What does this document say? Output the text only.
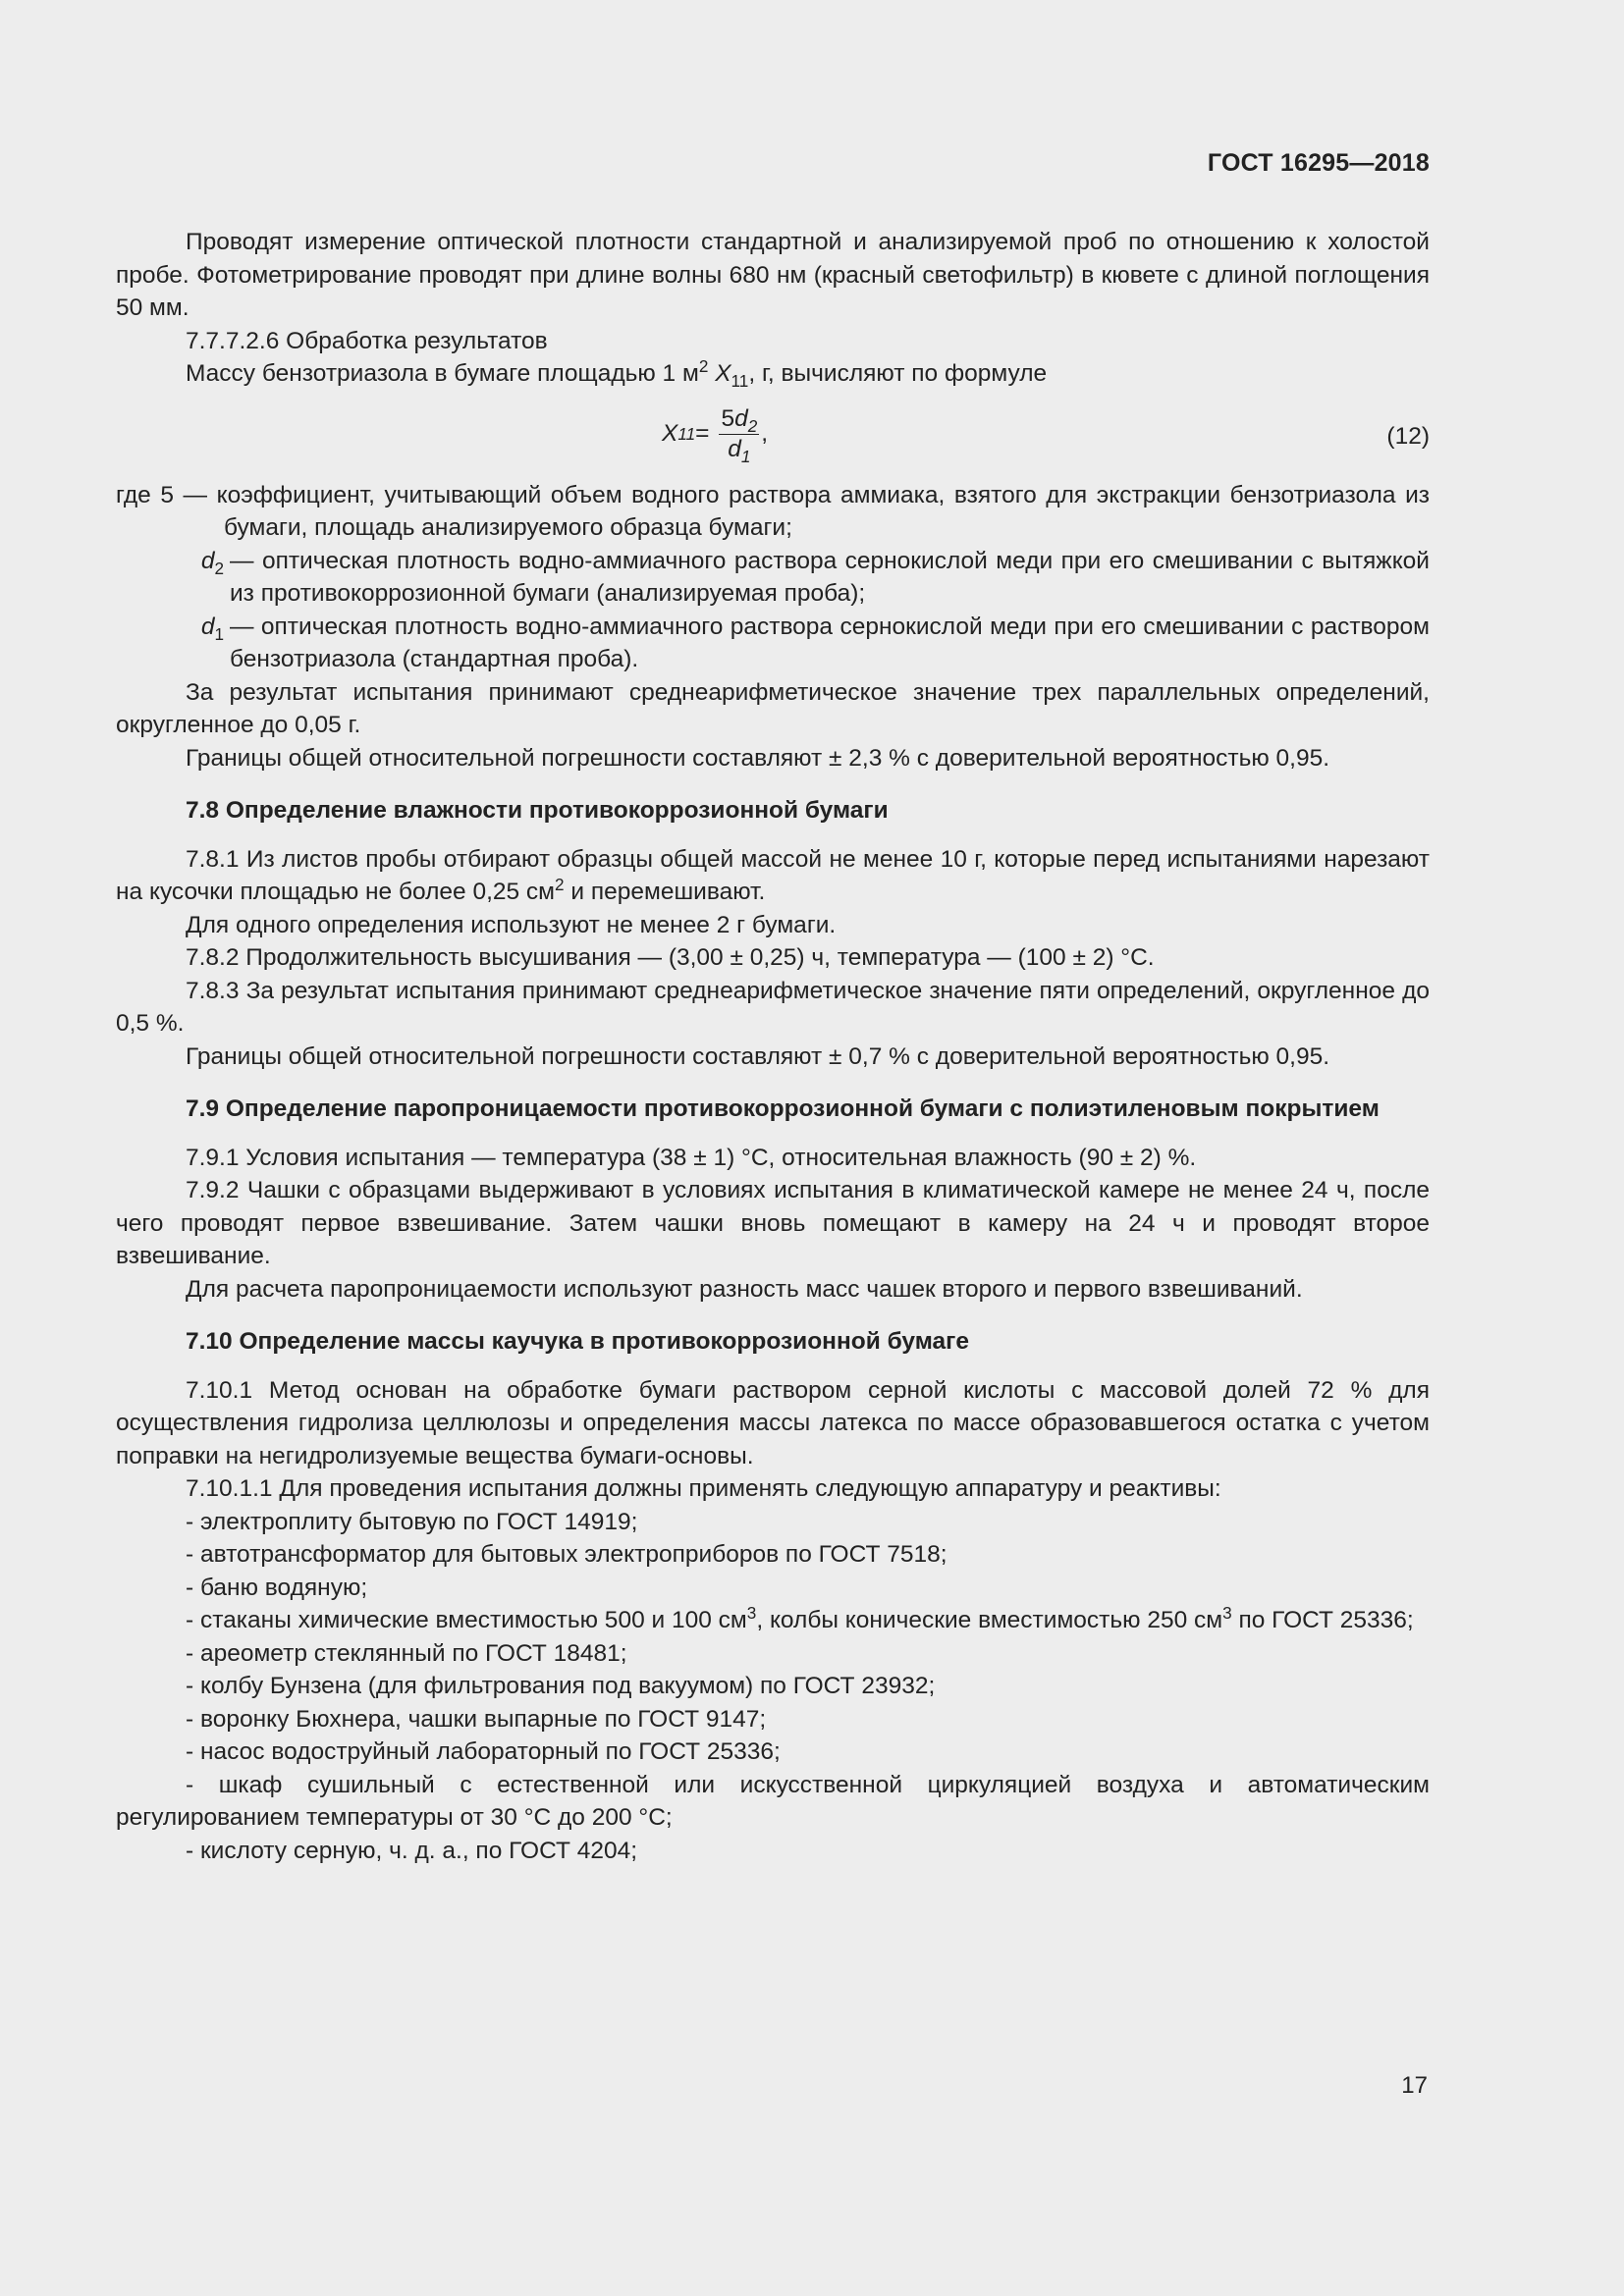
ГОСТ 16295—2018

Проводят измерение оптической плотности стандартной и анализируемой проб по отношению к холостой пробе. Фотометрирование проводят при длине волны 680 нм (красный светофильтр) в кювете с длиной поглощения 50 мм.

7.7.7.2.6 Обработка результатов

Массу бензотриазола в бумаге площадью 1 $м^2$ $X_{11}$, г, вычисляют по формуле

X $11 = \frac{5d_2}{d_1}$ ,	(12)

где 5 — коэффициент, учитывающий объем водного раствора аммиака, взятого для экстракции бензотриазола из бумаги, площадь анализируемого образца бумаги;

$d_2$ — оптическая плотность водно-аммиачного раствора сернокислой меди при его смешивании с вытяжкой из противокоррозионной бумаги (анализируемая проба);

$d_1$ — оптическая плотность водно-аммиачного раствора сернокислой меди при его смешивании с раствором бензотриазола (стандартная проба).

За результат испытания принимают среднеарифметическое значение трех параллельных определений, округленное до 0,05 г.

Границы общей относительной погрешности составляют ± 2,3 % с доверительной вероятностью 0,95.

7.8 Определение влажности противокоррозионной бумаги

7.8.1 Из листов пробы отбирают образцы общей массой не менее 10 г, которые перед испытаниями нарезают на кусочки площадью не более 0,25 $см^2$ и перемешивают.

Для одного определения используют не менее 2 г бумаги.

7.8.2 Продолжительность высушивания — (3,00 ± 0,25) ч, температура — (100 ± 2) °С.

7.8.3 За результат испытания принимают среднеарифметическое значение пяти определений, округленное до 0,5 %.

Границы общей относительной погрешности составляют ± 0,7 % с доверительной вероятностью 0,95.

7.9 Определение паропроницаемости противокоррозионной бумаги с полиэтиленовым покрытием

7.9.1 Условия испытания — температура (38 ± 1) °С, относительная влажность (90 ± 2) %.

7.9.2 Чашки с образцами выдерживают в условиях испытания в климатической камере не менее 24 ч, после чего проводят первое взвешивание. Затем чашки вновь помещают в камеру на 24 ч и проводят второе взвешивание.

Для расчета паропроницаемости используют разность масс чашек второго и первого взвешиваний.

7.10 Определение массы каучука в противокоррозионной бумаге

7.10.1 Метод основан на обработке бумаги раствором серной кислоты с массовой долей 72 % для осуществления гидролиза целлюлозы и определения массы латекса по массе образовавшегося остатка с учетом поправки на негидролизуемые вещества бумаги-основы.

7.10.1.1 Для проведения испытания должны применять следующую аппаратуру и реактивы:

- электроплиту бытовую по ГОСТ 14919;

- автотрансформатор для бытовых электроприборов по ГОСТ 7518;

- баню водяную;

- стаканы химические вместимостью 500 и 100 $см^3$, колбы конические вместимостью 250 $см^3$ по ГОСТ 25336;

- ареометр стеклянный по ГОСТ 18481;

- колбу Бунзена (для фильтрования под вакуумом) по ГОСТ 23932;

- воронку Бюхнера, чашки выпарные по ГОСТ 9147;

- насос водоструйный лабораторный по ГОСТ 25336;

- шкаф сушильный с естественной или искусственной циркуляцией воздуха и автоматическим регулированием температуры от 30 °С до 200 °С;

- кислоту серную, ч. д. а., по ГОСТ 4204;

17
